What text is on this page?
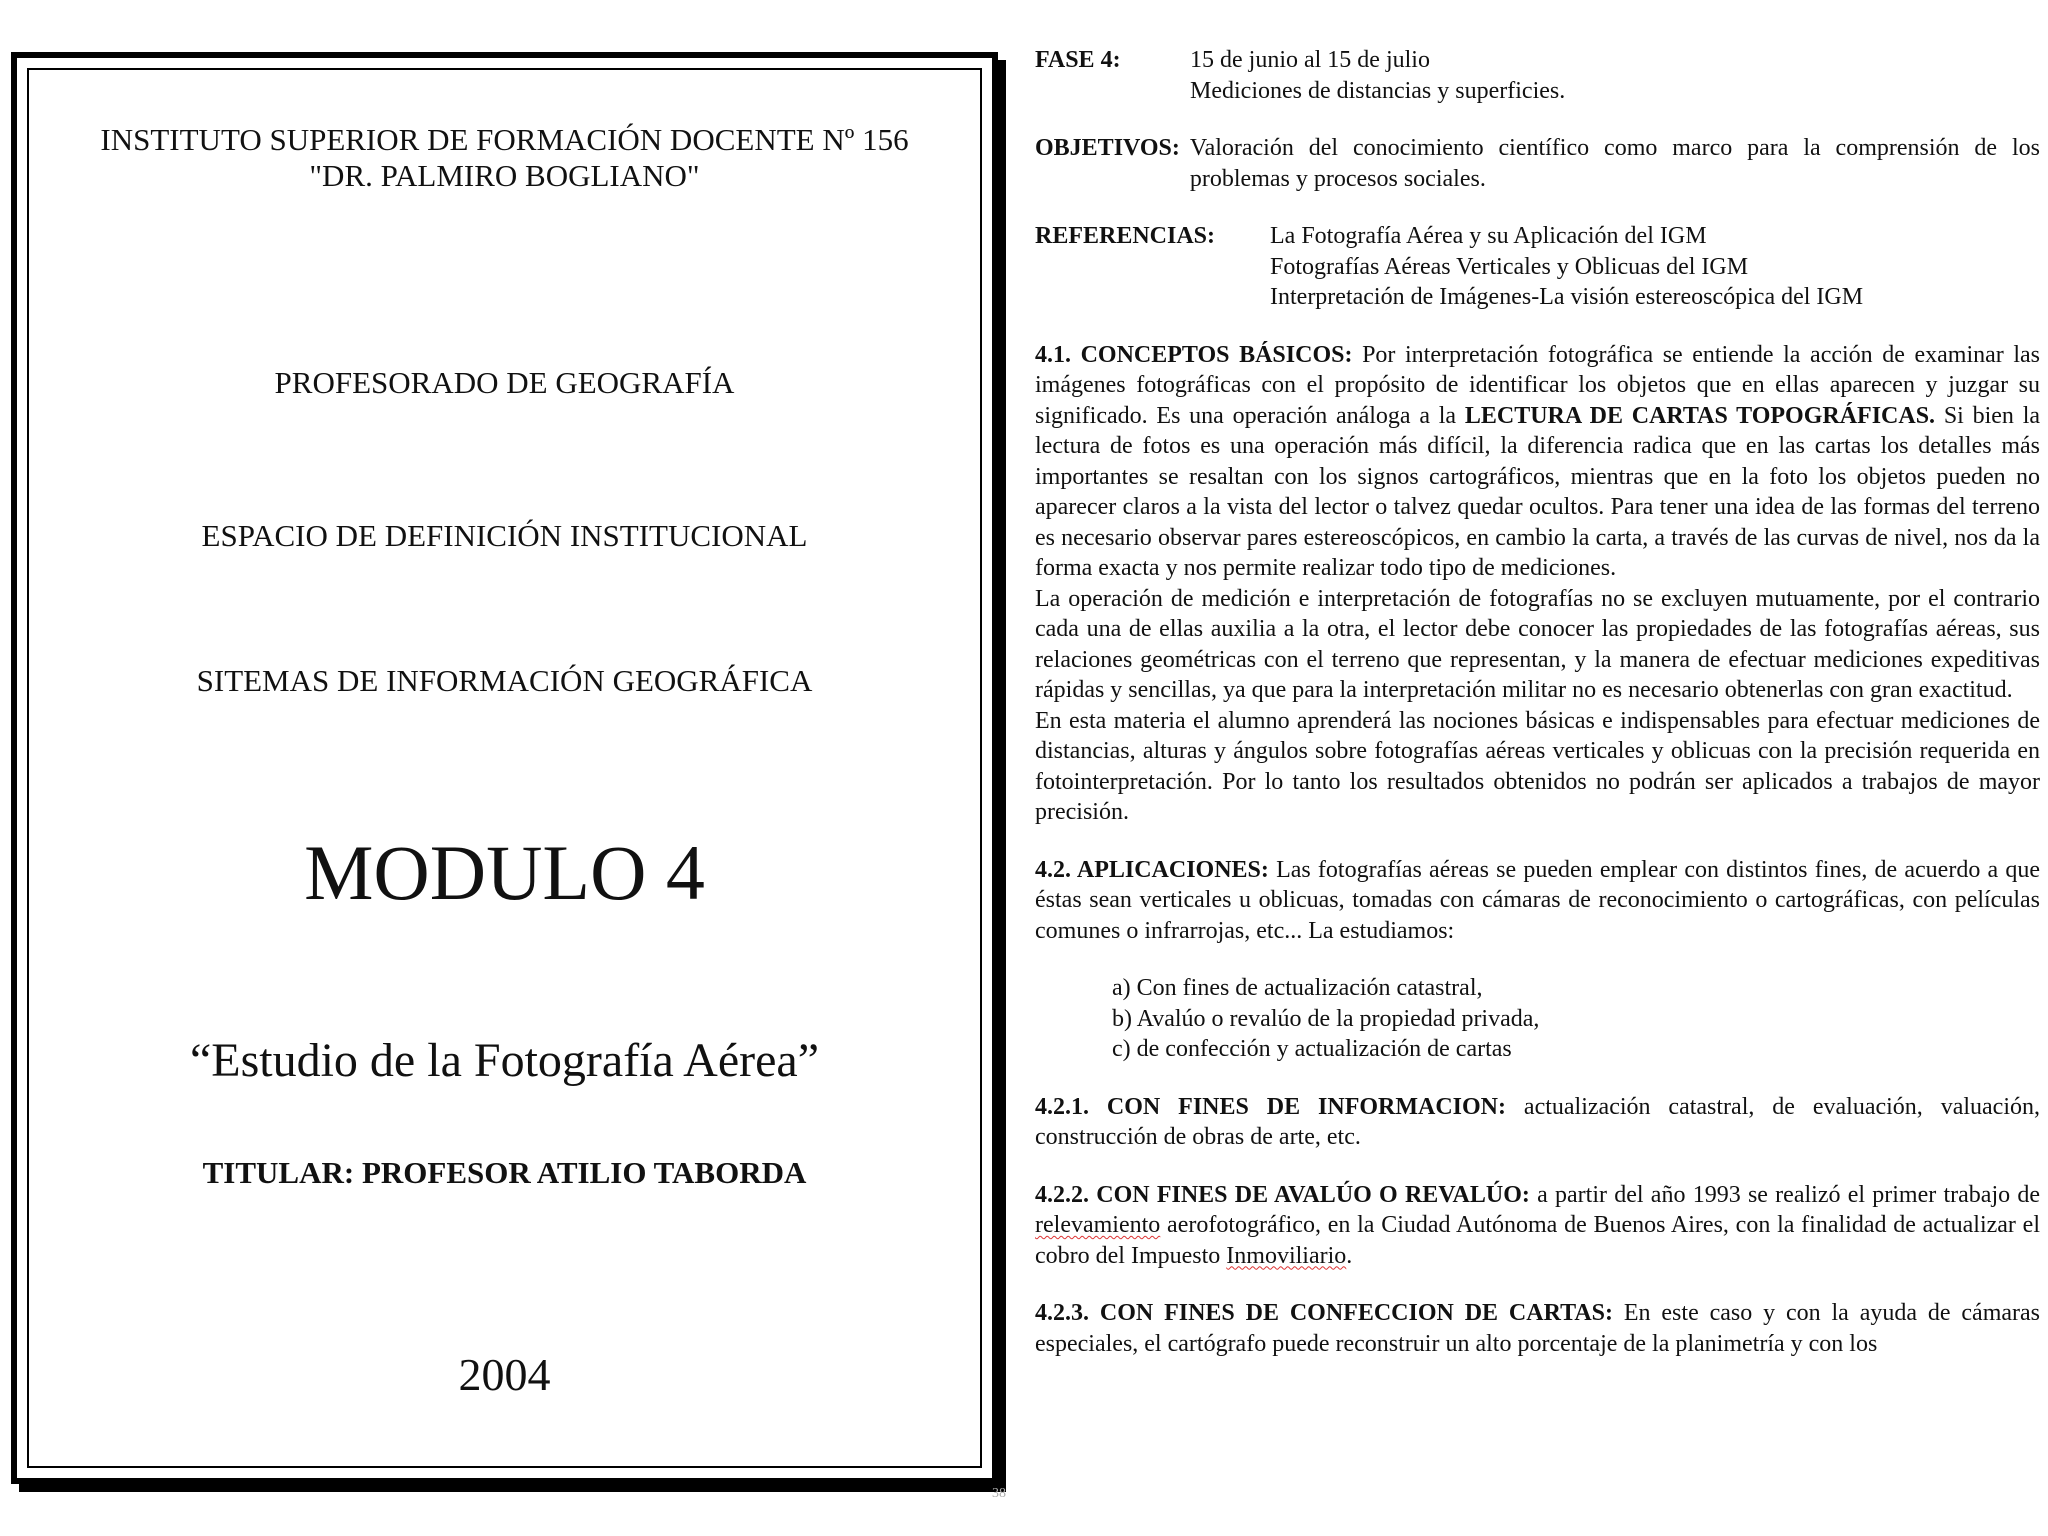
INSTITUTO SUPERIOR DE FORMACIÓN DOCENTE Nº 156
"DR. PALMIRO BOGLIANO"
PROFESORADO DE GEOGRAFÍA
ESPACIO DE DEFINICIÓN INSTITUCIONAL
SITEMAS DE INFORMACIÓN GEOGRÁFICA
MODULO 4
“Estudio de la Fotografía Aérea”
TITULAR: PROFESOR ATILIO TABORDA
2004
38
FASE 4:	15 de junio al 15 de julio
Mediciones de distancias y superficies.
OBJETIVOS: Valoración del conocimiento científico como marco para la comprensión de los problemas y procesos sociales.

REFERENCIAS:	La Fotografía Aérea y su Aplicación del IGM
Fotografías Aéreas Verticales y Oblicuas del IGM
Interpretación de Imágenes-La visión estereoscópica del IGM

4.1. CONCEPTOS BÁSICOS: Por interpretación fotográfica se entiende la acción de examinar las imágenes fotográficas con el propósito de identificar los objetos que en ellas aparecen y juzgar su significado. Es una operación análoga a la LECTURA DE CARTAS TOPOGRÁFICAS. Si bien la lectura de fotos es una operación más difícil, la diferencia radica que en las cartas los detalles más importantes se resaltan con los signos cartográficos, mientras que en la foto los objetos pueden no aparecer claros a la vista del lector o talvez quedar ocultos. Para tener una idea de las formas del terreno es necesario observar pares estereoscópicos, en cambio la carta, a través de las curvas de nivel, nos da la forma exacta y nos permite realizar todo tipo de mediciones.

La operación de medición e interpretación de fotografías no se excluyen mutuamente, por el contrario cada una de ellas auxilia a la otra, el lector debe conocer las propiedades de las fotografías aéreas, sus relaciones geométricas con el terreno que representan, y la manera de efectuar mediciones expeditivas rápidas y sencillas, ya que para la interpretación militar no es necesario obtenerlas con gran exactitud.

En esta materia el alumno aprenderá las nociones básicas e indispensables para efectuar mediciones de distancias, alturas y ángulos sobre fotografías aéreas verticales y oblicuas con la precisión requerida en fotointerpretación. Por lo tanto los resultados obtenidos no podrán ser aplicados a trabajos de mayor precisión.

4.2. APLICACIONES: Las fotografías aéreas se pueden emplear con distintos fines, de acuerdo a que éstas sean verticales u oblicuas, tomadas con cámaras de reconocimiento o cartográficas, con películas comunes o infrarrojas, etc... La estudiamos:

a) Con fines de actualización catastral,
b) Avalúo o revalúo de la propiedad privada,
c) de confección y actualización de cartas

4.2.1. CON FINES DE INFORMACION: actualización catastral, de evaluación, valuación, construcción de obras de arte, etc.

4.2.2. CON FINES DE AVALÚO O REVALÚO: a partir del año 1993 se realizó el primer trabajo de relevamiento aerofotográfico, en la Ciudad Autónoma de Buenos Aires, con la finalidad de actualizar el cobro del Impuesto Inmoviliario.

4.2.3. CON FINES DE CONFECCION DE CARTAS: En este caso y con la ayuda de cámaras especiales, el cartógrafo puede reconstruir un alto porcentaje de la planimetría y con los
